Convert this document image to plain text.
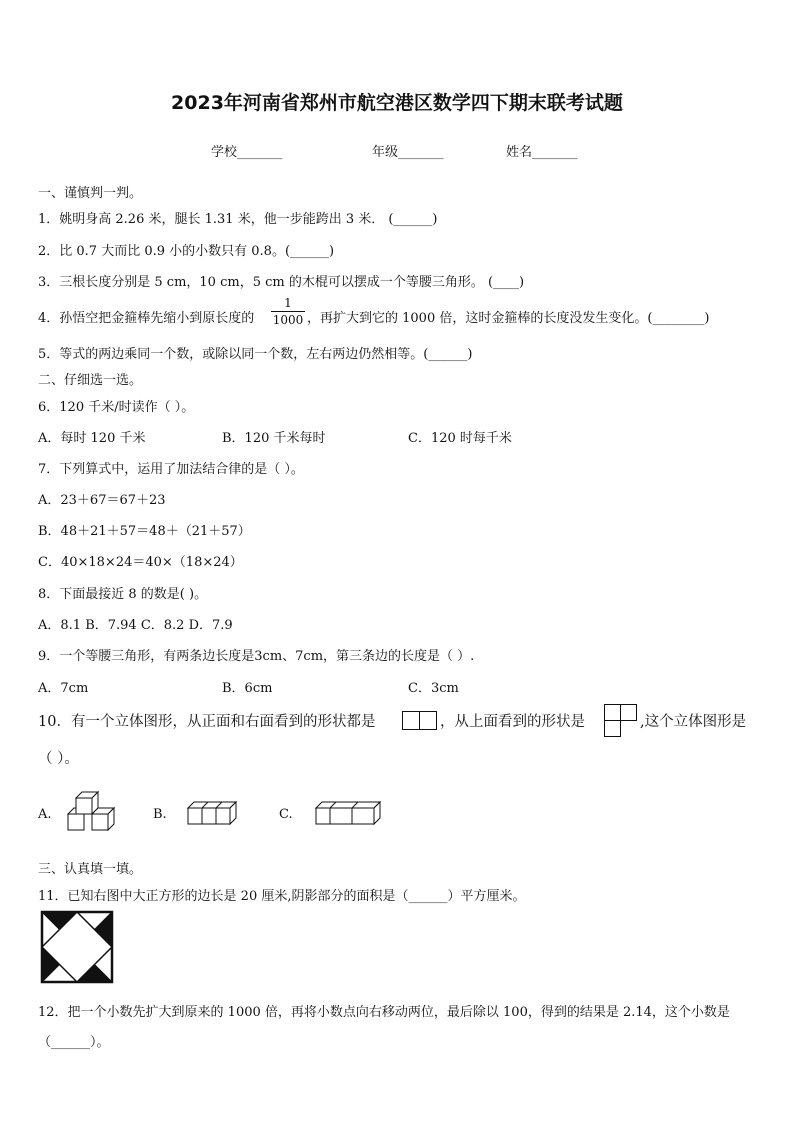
2023年河南省郑州市航空港区数学四下期末联考试题
学校_______	年级_______	姓名_______
一、谨慎判一判。
1．姚明身高 2.26 米，腿长 1.31 米，他一步能跨出 3 米． (______)
2．比 0.7 大而比 0.9 小的小数只有 0.8。(______)
3．三根长度分别是 5 cm，10 cm，5 cm 的木棍可以摆成一个等腰三角形。 (____)
4．孙悟空把金箍棒先缩小到原长度的
1
1000 ，再扩大到它的 1000 倍，这时金箍棒的长度没发生变化。(________)
5．等式的两边乘同一个数，或除以同一个数，左右两边仍然相等。(______)
二、仔细选一选。
6．120 千米/时读作（ ）。
A．每时 120 千米	B．120 千米每时	C．120 时每千米
7．下列算式中，运用了加法结合律的是（ ）。
A．23＋67＝67＋23
B．48＋21＋57＝48＋（21＋57）
C．40×18×24＝40×（18×24）
8．下面最接近 8 的数是( )。
A．8.1 B．7.94 C．8.2 D．7.9
9．一个等腰三角形，有两条边长度是3cm、7cm，第三条边的长度是（ ）.
A．7cm	B．6cm	C．3cm
10．有一个立体图形，从正面和右面看到的形状都是	，从上面看到的形状是	,这个立体图形是
（ ）。
A.	B.	C.
三、认真填一填。
11．已知右图中大正方形的边长是 20 厘米,阴影部分的面积是（______）平方厘米。
12．把一个小数先扩大到原来的 1000 倍，再将小数点向右移动两位，最后除以 100，得到的结果是 2.14，这个小数是
（______）。
